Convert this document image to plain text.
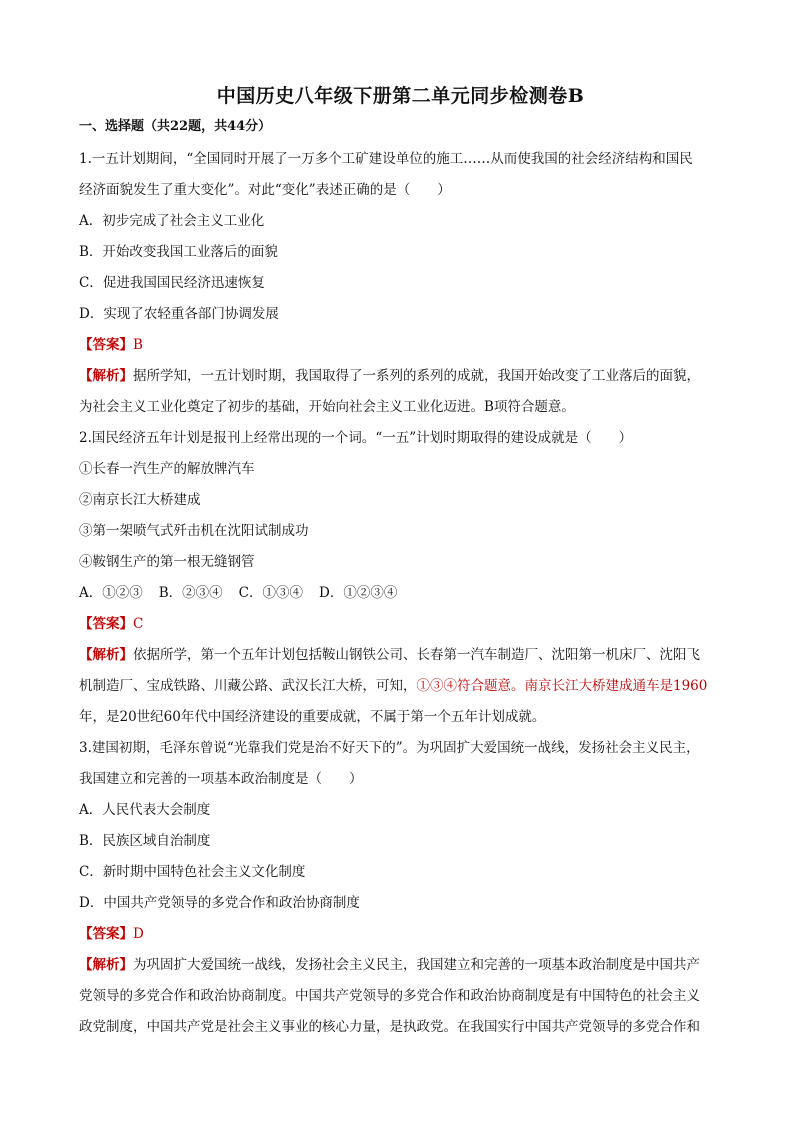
中国历史八年级下册第二单元同步检测卷B
一、选择题（共22题，共44分）
1.一五计划期间，“全国同时开展了一万多个工矿建设单位的施工……从而使我国的社会经济结构和国民
经济面貌发生了重大变化”。对此“变化”表述正确的是（　　）
A．初步完成了社会主义工业化
B．开始改变我国工业落后的面貌
C．促进我国国民经济迅速恢复
D．实现了农轻重各部门协调发展
【答案】B
【解析】据所学知，一五计划时期，我国取得了一系列的系列的成就，我国开始改变了工业落后的面貌，
为社会主义工业化奠定了初步的基础，开始向社会主义工业化迈进。B项符合题意。
2.国民经济五年计划是报刊上经常出现的一个词。“一五”计划时期取得的建设成就是（　　）
①长春一汽生产的解放牌汽车
②南京长江大桥建成
③第一架喷气式歼击机在沈阳试制成功
④鞍钢生产的第一根无缝钢管
A．①②③ B．②③④ C．①③④ D．①②③④
【答案】C
【解析】依据所学，第一个五年计划包括鞍山钢铁公司、长春第一汽车制造厂、沈阳第一机床厂、沈阳飞
机制造厂、宝成铁路、川藏公路、武汉长江大桥，可知，①③④符合题意。南京长江大桥建成通车是1960
年，是20世纪60年代中国经济建设的重要成就，不属于第一个五年计划成就。
3.建国初期，毛泽东曾说“光靠我们党是治不好天下的”。为巩固扩大爱国统一战线，发扬社会主义民主，
我国建立和完善的一项基本政治制度是（　　）
A．人民代表大会制度
B．民族区域自治制度
C．新时期中国特色社会主义文化制度
D．中国共产党领导的多党合作和政治协商制度
【答案】D
【解析】为巩固扩大爱国统一战线，发扬社会主义民主，我国建立和完善的一项基本政治制度是中国共产
党领导的多党合作和政治协商制度。中国共产党领导的多党合作和政治协商制度是有中国特色的社会主义
政党制度，中国共产党是社会主义事业的核心力量，是执政党。在我国实行中国共产党领导的多党合作和
